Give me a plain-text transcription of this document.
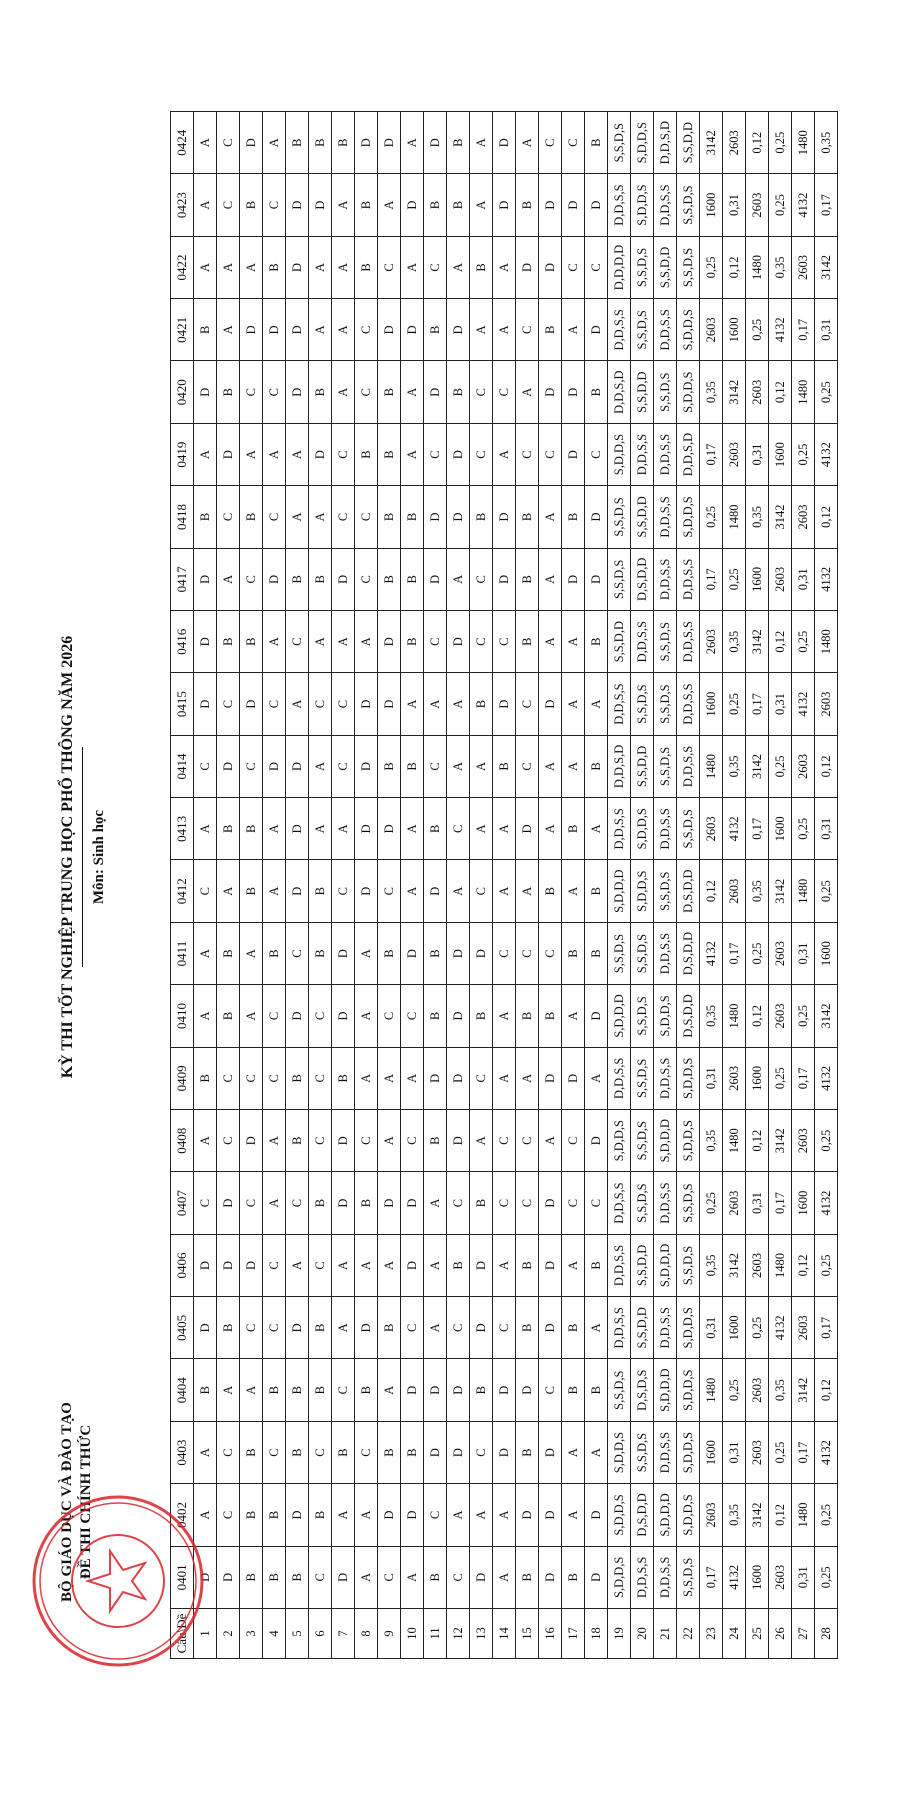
BỘ GIÁO DỤC VÀ ĐÀO TẠO ĐỀ THI CHÍNH THỨC
KỲ THI TỐT NGHIỆP TRUNG HỌC PHỔ THÔNG NĂM 2026 Môn: Sinh học
Câu\Đề	0401	0402	0403	0404	0405	0406	0407	0408	0409	0410	0411	0412	0413	0414	0415	0416	0417	0418	0419	0420	0421	0422	0423	0424
1	D	A	A	B	D	D	C	A	B	A	A	C	A	C	D	D	D	B	A	D	B	A	A	A
2	D	C	C	A	B	D	D	C	C	B	B	A	B	D	C	B	A	C	D	B	A	A	C	C
3	B	B	B	A	C	D	C	D	C	A	A	B	B	C	D	B	C	B	A	C	D	A	B	D
4	B	B	C	B	C	C	A	A	C	C	B	A	A	D	C	A	D	C	A	C	D	B	C	A
5	B	D	B	B	D	A	C	B	B	D	C	D	D	D	A	C	B	A	A	D	D	D	D	B
6	C	B	C	B	B	C	B	C	C	C	B	B	A	A	C	A	B	A	D	B	A	A	D	B
7	D	A	B	C	A	A	D	D	B	D	D	C	A	C	C	A	D	C	C	A	A	A	A	B
8	A	A	C	B	D	A	B	C	A	A	A	D	D	D	D	A	C	C	B	C	C	B	B	D
9	C	D	B	A	B	A	D	A	A	C	B	C	D	B	D	D	B	B	B	B	D	C	A	D
10	A	D	B	D	C	D	D	C	A	C	D	A	A	B	A	B	B	B	A	A	D	A	D	A
11	B	C	D	D	A	A	A	B	D	B	B	D	B	C	A	C	D	D	C	D	B	C	B	D
12	C	A	D	D	C	B	C	D	D	D	D	A	C	A	A	D	A	D	D	B	D	A	B	B
13	D	A	C	B	D	D	B	A	C	B	D	C	A	A	B	C	C	B	C	C	A	B	A	A
14	A	A	D	D	C	A	C	C	A	A	C	A	A	B	D	C	D	D	A	C	A	A	D	D
15	B	D	B	D	B	B	C	C	A	B	C	A	D	C	C	B	B	B	C	A	C	D	B	A
16	D	D	D	C	D	D	D	A	D	B	C	B	A	A	D	A	A	A	C	D	B	D	D	C
17	B	A	A	B	B	A	C	C	D	A	B	A	B	A	A	A	D	B	D	D	A	C	D	C
18	D	D	A	B	A	B	C	D	A	D	B	B	A	B	A	B	D	D	C	B	D	C	D	B
19	S,D,D,S	S,D,D,S	S,D,D,S	S,S,D,S	D,D,S,S	D,D,S,S	D,D,S,S	S,D,D,S	D,D,S,S	S,D,D,D	S,S,D,S	S,D,D,D	D,D,S,S	D,D,S,D	D,D,S,S	S,S,D,D	S,S,D,S	S,S,D,S	S,D,D,S	D,D,S,D	D,D,S,S	D,D,D,D	D,D,S,S	S,S,D,S
20	D,D,S,S	D,S,D,D	S,S,D,S	D,S,D,S	S,S,D,D	S,S,D,D	S,S,D,S	S,S,D,S	S,S,D,S	S,S,D,S	S,S,D,S	S,D,D,S	S,D,D,S	S,S,D,D	S,S,D,S	D,D,S,S	D,S,D,D	S,S,D,D	D,D,S,S	S,S,D,D	S,S,D,S	S,S,D,S	S,D,D,S	S,D,D,S
21	D,D,S,S	S,D,D,D	D,D,S,S	S,D,D,D	D,D,S,S	S,D,D,D	D,D,S,S	S,D,D,D	D,D,S,S	S,D,D,S	D,D,S,S	S,S,D,S	D,D,S,S	S,S,D,S	S,S,D,S	S,S,D,S	D,D,S,S	D,D,S,S	D,D,S,S	S,S,D,S	D,D,S,S	S,S,D,D	D,D,S,S	D,D,S,D
22	S,S,D,S	S,D,D,S	S,D,D,S	S,D,D,S	S,D,D,S	S,S,D,S	S,S,D,S	S,D,D,S	S,D,D,S	D,S,D,D	D,S,D,D	D,S,D,D	S,S,D,S	D,D,S,S	D,D,S,S	D,D,S,S	D,D,S,S	S,D,D,S	D,D,S,D	S,D,D,S	S,D,D,S	S,S,D,S	S,S,D,S	S,S,D,D
23	0,17	2603	1600	1480	0,31	0,35	0,25	0,35	0,31	0,35	4132	0,12	2603	1480	1600	2603	0,17	0,25	0,17	0,35	2603	0,25	1600	3142
24	4132	0,35	0,31	0,25	1600	3142	2603	1480	2603	1480	0,17	2603	4132	0,35	0,25	0,35	0,25	1480	2603	3142	1600	0,12	0,31	2603
25	1600	3142	2603	2603	0,25	2603	0,31	0,12	1600	0,12	0,25	0,35	0,17	3142	0,17	3142	1600	0,35	0,31	2603	0,25	1480	2603	0,12
26	2603	0,12	0,25	0,35	4132	1480	0,17	3142	0,25	2603	2603	3142	1600	0,25	0,31	0,12	2603	3142	1600	0,12	4132	0,35	0,25	0,25
27	0,31	1480	0,17	3142	2603	0,12	1600	2603	0,17	0,25	0,31	1480	0,25	2603	4132	0,25	0,31	2603	0,25	1480	0,17	2603	4132	1480
28	0,25	0,25	4132	0,12	0,17	0,25	4132	0,25	4132	3142	1600	0,25	0,31	0,12	2603	1480	4132	0,12	4132	0,25	0,31	3142	0,17	0,35
